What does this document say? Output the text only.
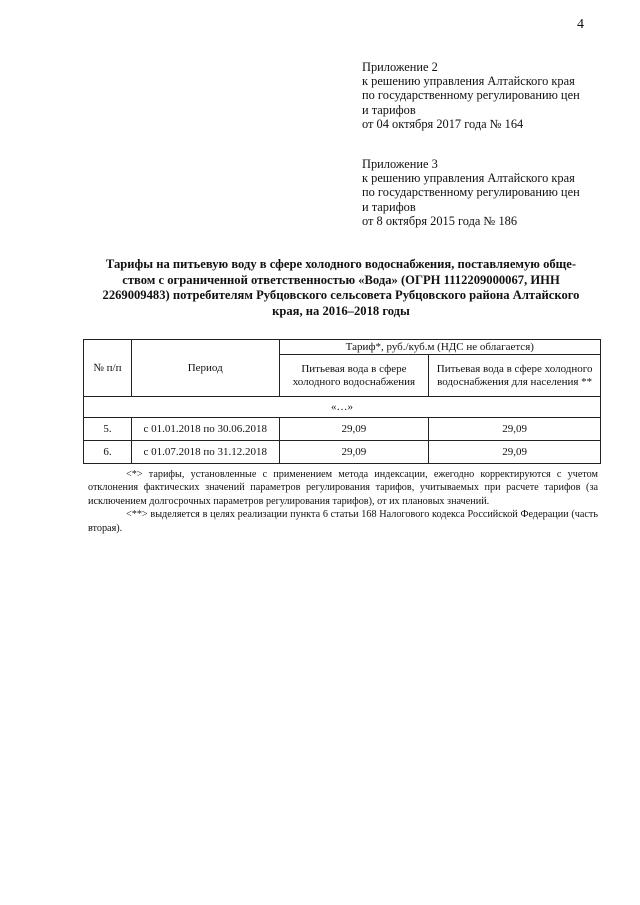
4
Приложение 2
к решению управления Алтайского края
по государственному регулированию цен
и тарифов
от 04 октября 2017 года № 164
Приложение 3
к решению управления Алтайского края
по государственному регулированию цен
и тарифов
от 8 октября 2015 года № 186
Тарифы на питьевую воду в сфере холодного водоснабжения, поставляемую обще-
ством с ограниченной ответственностью «Вода» (ОГРН 1112209000067, ИНН
2269009483) потребителям Рубцовского сельсовета Рубцовского района Алтайского
края, на 2016–2018 годы
№ п/п	Период	Тариф*, руб./куб.м (НДС не облагается)	
		Питьевая вода в сфере холодного водоснабжения	Питьевая вода в сфере холодного водоснабжения для населения **
«…»			
5.	с 01.01.2018 по 30.06.2018	29,09	29,09
6.	с 01.07.2018 по 31.12.2018	29,09	29,09

<*> тарифы, установленные с применением метода индексации, ежегодно корректируются с учетом отклонения фактических значений параметров регулирования тарифов, учитываемых при расчете тарифов (за исключением долгосрочных параметров регулирования тарифов), от их плановых значений.

<**> выделяется в целях реализации пункта 6 статьи 168 Налогового кодекса Российской Федерации (часть вторая).
